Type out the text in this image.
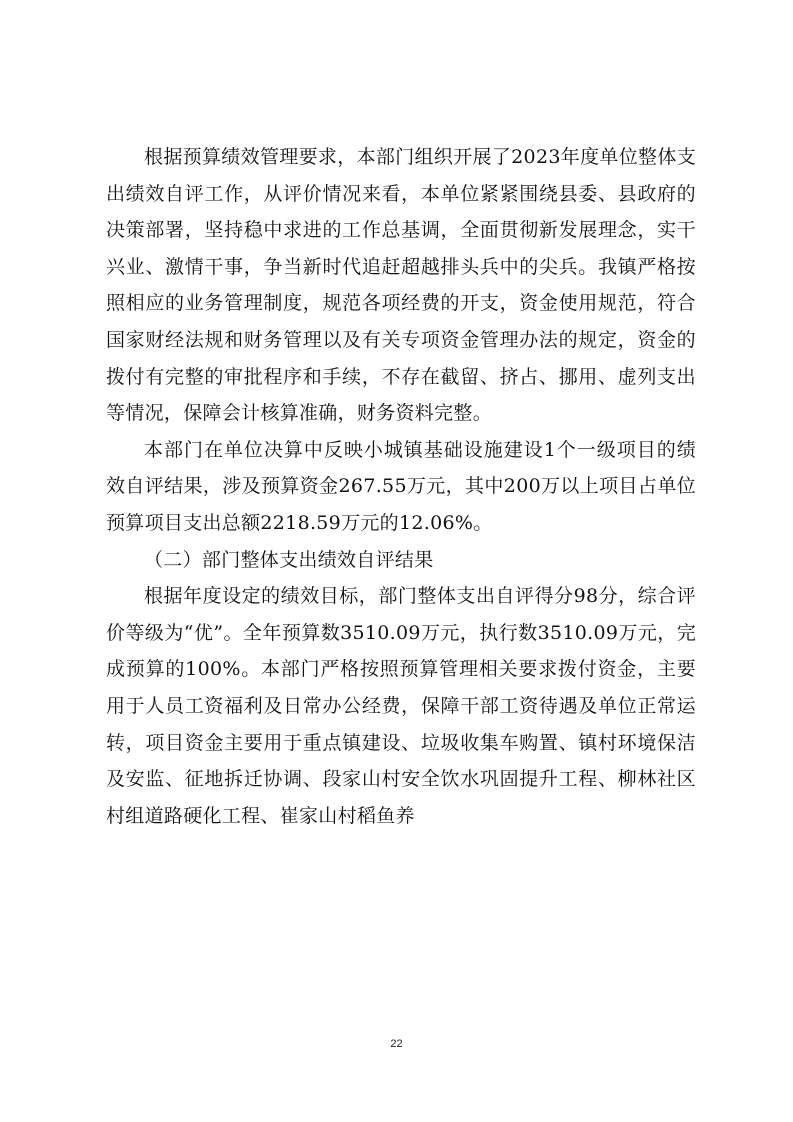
根据预算绩效管理要求，本部门组织开展了2023年度单位整体支出绩效自评工作，从评价情况来看，本单位紧紧围绕县委、县政府的决策部署，坚持稳中求进的工作总基调，全面贯彻新发展理念，实干兴业、激情干事，争当新时代追赶超越排头兵中的尖兵。我镇严格按照相应的业务管理制度，规范各项经费的开支，资金使用规范，符合国家财经法规和财务管理以及有关专项资金管理办法的规定，资金的拨付有完整的审批程序和手续，不存在截留、挤占、挪用、虚列支出等情况，保障会计核算准确，财务资料完整。

本部门在单位决算中反映小城镇基础设施建设1个一级项目的绩效自评结果，涉及预算资金267.55万元，其中200万以上项目占单位预算项目支出总额2218.59万元的12.06%。

（二）部门整体支出绩效自评结果

根据年度设定的绩效目标，部门整体支出自评得分98分，综合评价等级为“优”。全年预算数3510.09万元，执行数3510.09万元，完成预算的100%。本部门严格按照预算管理相关要求拨付资金，主要用于人员工资福利及日常办公经费，保障干部工资待遇及单位正常运转，项目资金主要用于重点镇建设、垃圾收集车购置、镇村环境保洁及安监、征地拆迁协调、段家山村安全饮水巩固提升工程、柳林社区村组道路硬化工程、崔家山村稻鱼养

22
